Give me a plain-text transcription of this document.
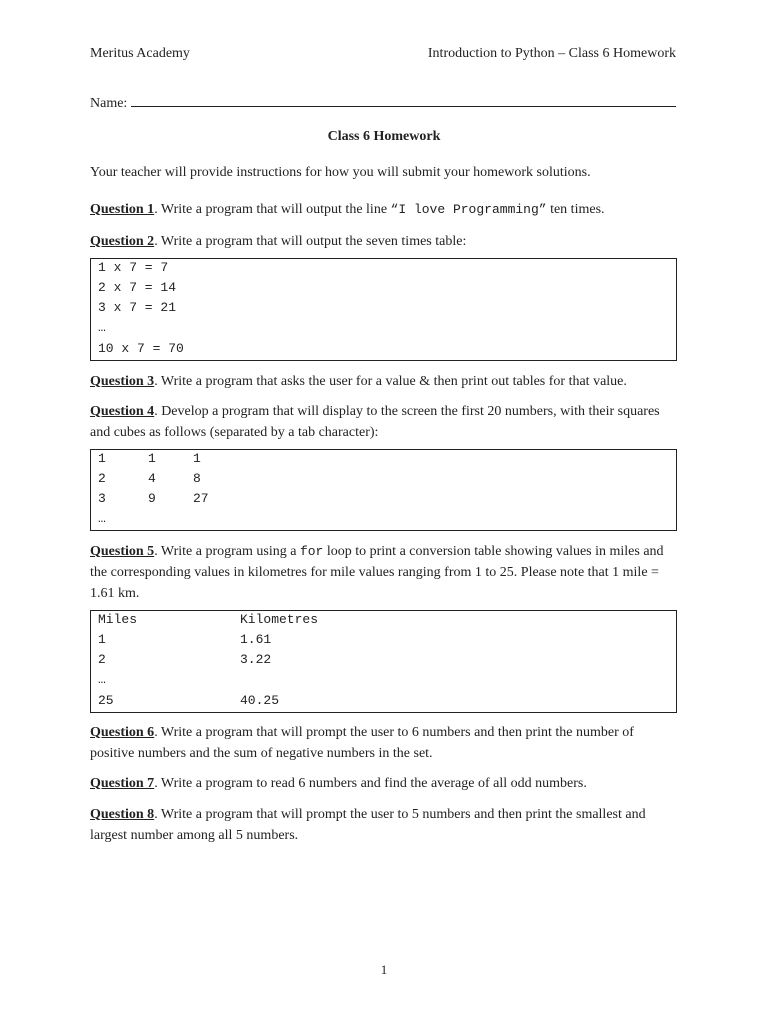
Meritus Academy	Introduction to Python – Class 6 Homework
Name:
Class 6 Homework

Your teacher will provide instructions for how you will submit your homework solutions.

Question 1. Write a program that will output the line “I love Programming” ten times.

Question 2. Write a program that will output the seven times table:

1 x 7 = 7
2 x 7 = 14
3 x 7 = 21
…
10 x 7 = 70

Question 3. Write a program that asks the user for a value & then print out tables for that value.

Question 4. Develop a program that will display to the screen the first 20 numbers, with their squares and cubes as follows (separated by a tab character):

1	1	1
2	4	8
3	9	27
…

Question 5. Write a program using a for loop to print a conversion table showing values in miles and the corresponding values in kilometres for mile values ranging from 1 to 25. Please note that 1 mile = 1.61 km.

Miles	Kilometres
1	1.61
2	3.22
…
25	40.25

Question 6. Write a program that will prompt the user to 6 numbers and then print the number of positive numbers and the sum of negative numbers in the set.

Question 7. Write a program to read 6 numbers and find the average of all odd numbers.

Question 8. Write a program that will prompt the user to 5 numbers and then print the smallest and largest number among all 5 numbers.

1
